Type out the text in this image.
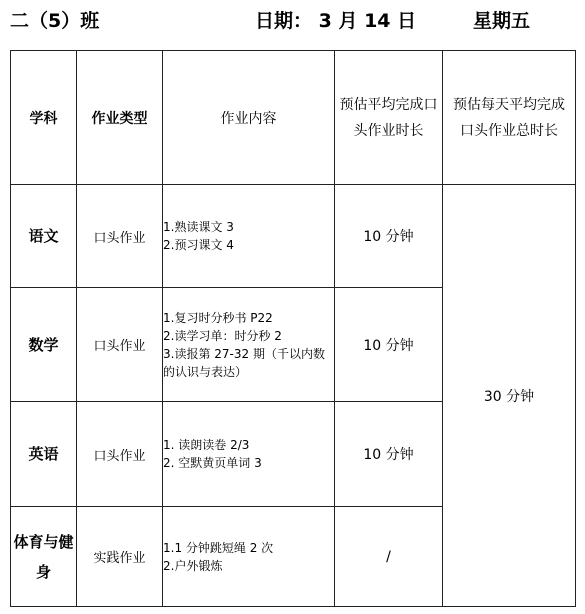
二（5）班	日期： 3 月 14 日	星期五
学科	作业类型	作业内容	预估平均完成口头作业时长	预估每天平均完成口头作业总时长

语文	口头作业	1.熟读课文 3
2.预习课文 4	10 分钟	30 分钟
数学	口头作业	1.复习时分秒书 P22
2.读学习单：时分秒 2
3.读报第 27-32 期（千以内数的认识与表达）	10 分钟	
英语	口头作业	1. 读朗读卷 2/3
2. 空默黄页单词 3	10 分钟	
体育与健身	实践作业	1.1 分钟跳短绳 2 次
2.户外锻炼	/	
